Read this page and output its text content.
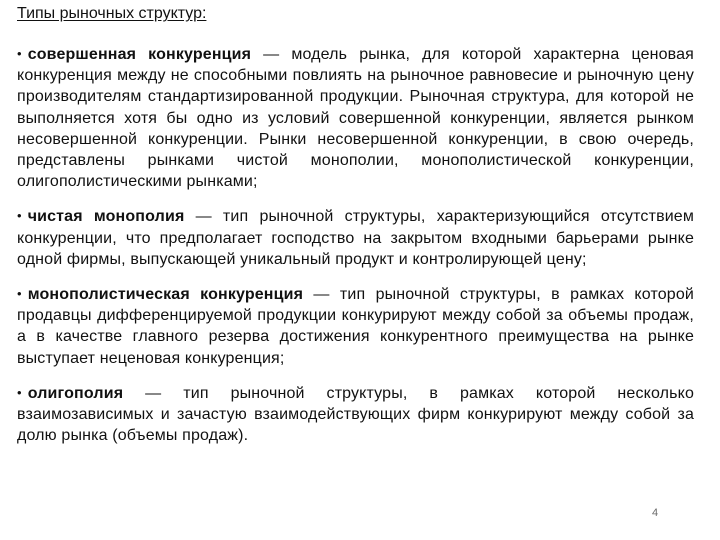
Типы рыночных структур:

• совершенная конкуренция — модель рынка, для которой характерна ценовая конкуренция между не способными повлиять на рыночное равновесие и рыночную цену производителям стандартизированной продукции. Рыночная структура, для которой не выполняется хотя бы одно из условий совершенной конкуренции, является рынком несовершенной конкуренции. Рынки несовершенной конкуренции, в свою очередь, представлены рынками чистой монополии, монополистической конкуренции, олигополистическими рынками;

• чистая монополия — тип рыночной структуры, характеризующийся отсутствием конкуренции, что предполагает господство на закрытом входными барьерами рынке одной фирмы, выпускающей уникальный продукт и контролирующей цену;

• монополистическая конкуренция — тип рыночной структуры, в рамках которой продавцы дифференцируемой продукции конкурируют между собой за объемы продаж, а в качестве главного резерва достижения конкурентного преимущества на рынке выступает неценовая конкуренция;

• олигополия — тип рыночной структуры, в рамках которой несколько взаимозависимых и зачастую взаимодействующих фирм конкурируют между собой за долю рынка (объемы продаж).

4
